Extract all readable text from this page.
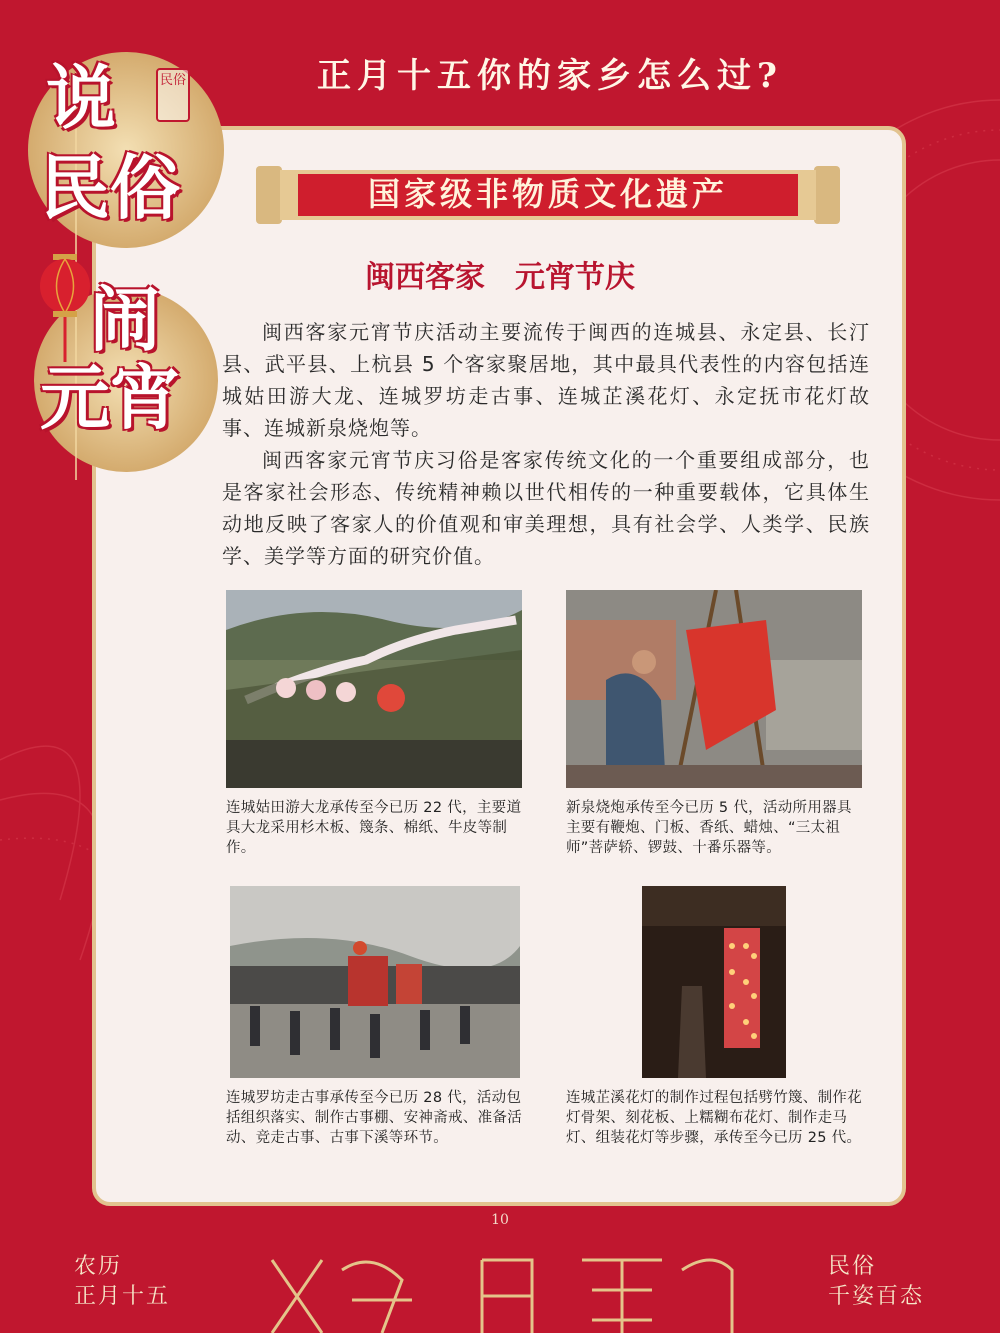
正月十五你的家乡怎么过?
说
民俗
闹
元宵
民俗
国家级非物质文化遗产
闽西客家　元宵节庆

闽西客家元宵节庆活动主要流传于闽西的连城县、永定县、长汀县、武平县、上杭县 5 个客家聚居地，其中最具代表性的内容包括连城姑田游大龙、连城罗坊走古事、连城芷溪花灯、永定抚市花灯故事、连城新泉烧炮等。

闽西客家元宵节庆习俗是客家传统文化的一个重要组成部分，也是客家社会形态、传统精神赖以世代相传的一种重要载体，它具体生动地反映了客家人的价值观和审美理想，具有社会学、人类学、民族学、美学等方面的研究价值。

连城姑田游大龙承传至今已历 22 代，主要道具大龙采用杉木板、篾条、棉纸、牛皮等制作。
新泉烧炮承传至今已历 5 代，活动所用器具主要有鞭炮、门板、香纸、蜡烛、“三太祖师”菩萨轿、锣鼓、十番乐器等。
连城罗坊走古事承传至今已历 28 代，活动包括组织落实、制作古事棚、安神斋戒、准备活动、竞走古事、古事下溪等环节。
连城芷溪花灯的制作过程包括劈竹篾、制作花灯骨架、刻花板、上糯糊布花灯、制作走马灯、组装花灯等步骤，承传至今已历 25 代。
10
农历
正月十五
民俗
千姿百态
